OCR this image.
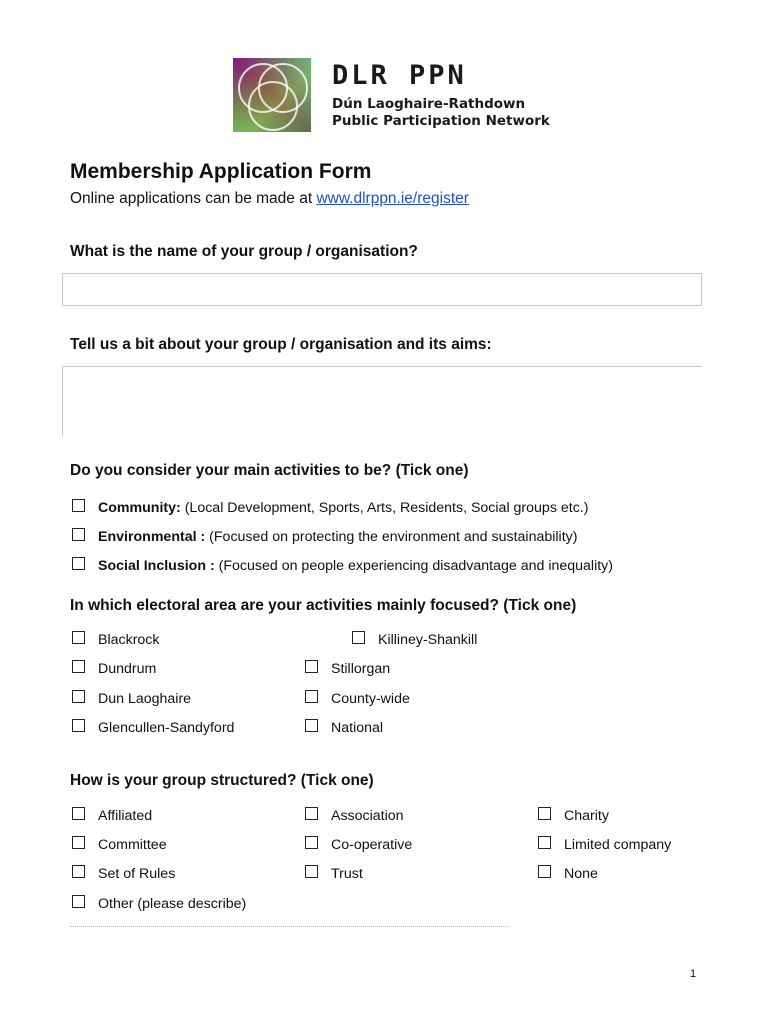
DLR PPN
Dún Laoghaire-Rathdown
Public Participation Network
Membership Application Form
Online applications can be made at www.dlrppn.ie/register
What is the name of your group / organisation?
Tell us a bit about your group / organisation and its aims:
Do you consider your main activities to be? (Tick one)
Community: (Local Development, Sports, Arts, Residents, Social groups etc.)
Environmental : (Focused on protecting the environment and sustainability)
Social Inclusion : (Focused on people experiencing disadvantage and inequality)
In which electoral area are your activities mainly focused? (Tick one)
Blackrock	Killiney-Shankill
Dundrum	Stillorgan
Dun Laoghaire	County-wide
Glencullen-Sandyford	National
How is your group structured? (Tick one)
Affiliated	Association	Charity
Committee	Co-operative	Limited company
Set of Rules	Trust	None
Other (please describe)
1
